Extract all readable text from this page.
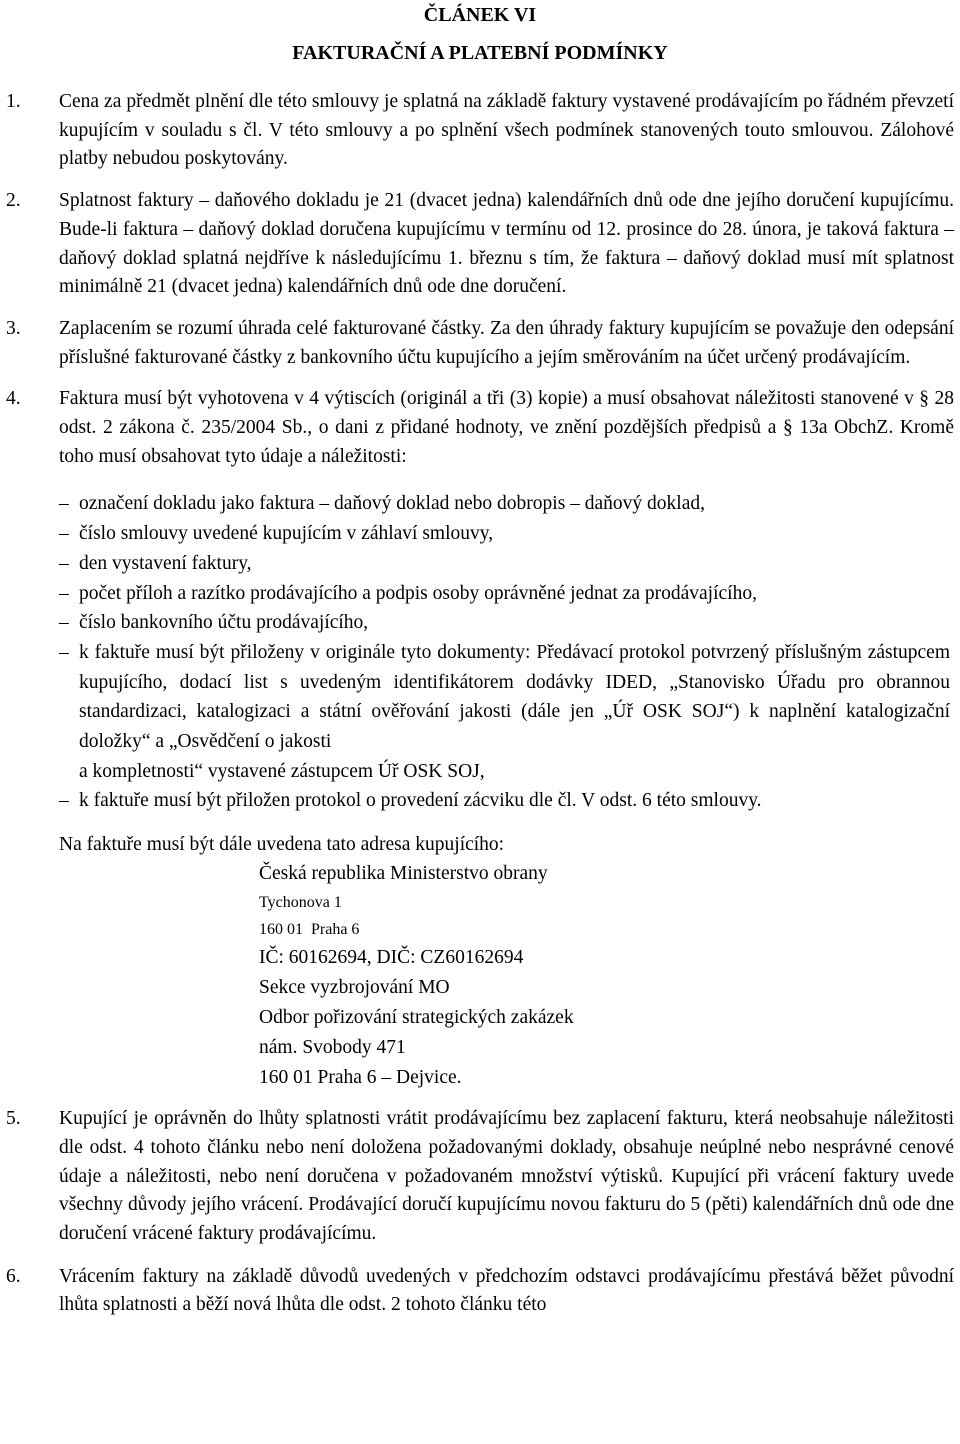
ČLÁNEK VI
FAKTURAČNÍ A PLATEBNÍ PODMÍNKY
1. Cena za předmět plnění dle této smlouvy je splatná na základě faktury vystavené prodávajícím po řádném převzetí kupujícím v souladu s čl. V této smlouvy a po splnění všech podmínek stanovených touto smlouvou. Zálohové platby nebudou poskytovány.

2. Splatnost faktury – daňového dokladu je 21 (dvacet jedna) kalendářních dnů ode dne jejího doručení kupujícímu. Bude-li faktura – daňový doklad doručena kupujícímu v termínu od 12. prosince do 28. února, je taková faktura – daňový doklad splatná nejdříve k následujícímu 1. březnu s tím, že faktura – daňový doklad musí mít splatnost minimálně 21 (dvacet jedna) kalendářních dnů ode dne doručení.

3. Zaplacením se rozumí úhrada celé fakturované částky. Za den úhrady faktury kupujícím se považuje den odepsání příslušné fakturované částky z bankovního účtu kupujícího a jejím směrováním na účet určený prodávajícím.

4. Faktura musí být vyhotovena v 4 výtiscích (originál a tři (3) kopie) a musí obsahovat náležitosti stanovené v § 28 odst. 2 zákona č. 235/2004 Sb., o dani z přidané hodnoty, ve znění pozdějších předpisů a § 13a ObchZ. Kromě toho musí obsahovat tyto údaje a náležitosti:

– označení dokladu jako faktura – daňový doklad nebo dobropis – daňový doklad,
– číslo smlouvy uvedené kupujícím v záhlaví smlouvy,
– den vystavení faktury,
– počet příloh a razítko prodávajícího a podpis osoby oprávněné jednat za prodávajícího,
– číslo bankovního účtu prodávajícího,
– k faktuře musí být přiloženy v originále tyto dokumenty: Předávací protokol potvrzený příslušným zástupcem kupujícího, dodací list s uvedeným identifikátorem dodávky IDED, „Stanovisko Úřadu pro obrannou standardizaci, katalogizaci a státní ověřování jakosti (dále jen „Úř OSK SOJ“) k naplnění katalogizační doložky“ a „Osvědčení o jakosti
a kompletnosti“ vystavené zástupcem Úř OSK SOJ,
– k faktuře musí být přiložen protokol o provedení zácviku dle čl. V odst. 6 této smlouvy.

Na faktuře musí být dále uvedena tato adresa kupujícího:

Česká republika Ministerstvo obrany
Tychonova 1
160 01  Praha 6
IČ: 60162694, DIČ: CZ60162694
Sekce vyzbrojování MO
Odbor pořizování strategických zakázek
nám. Svobody 471
160 01 Praha 6 – Dejvice.
5. Kupující je oprávněn do lhůty splatnosti vrátit prodávajícímu bez zaplacení fakturu, která neobsahuje náležitosti dle odst. 4 tohoto článku nebo není doložena požadovanými doklady, obsahuje neúplné nebo nesprávné cenové údaje a náležitosti, nebo není doručena v požadovaném množství výtisků. Kupující při vrácení faktury uvede všechny důvody jejího vrácení. Prodávající doručí kupujícímu novou fakturu do 5 (pěti) kalendářních dnů ode dne doručení vrácené faktury prodávajícímu.

6. Vrácením faktury na základě důvodů uvedených v předchozím odstavci prodávajícímu přestává běžet původní lhůta splatnosti a běží nová lhůta dle odst. 2 tohoto článku této
